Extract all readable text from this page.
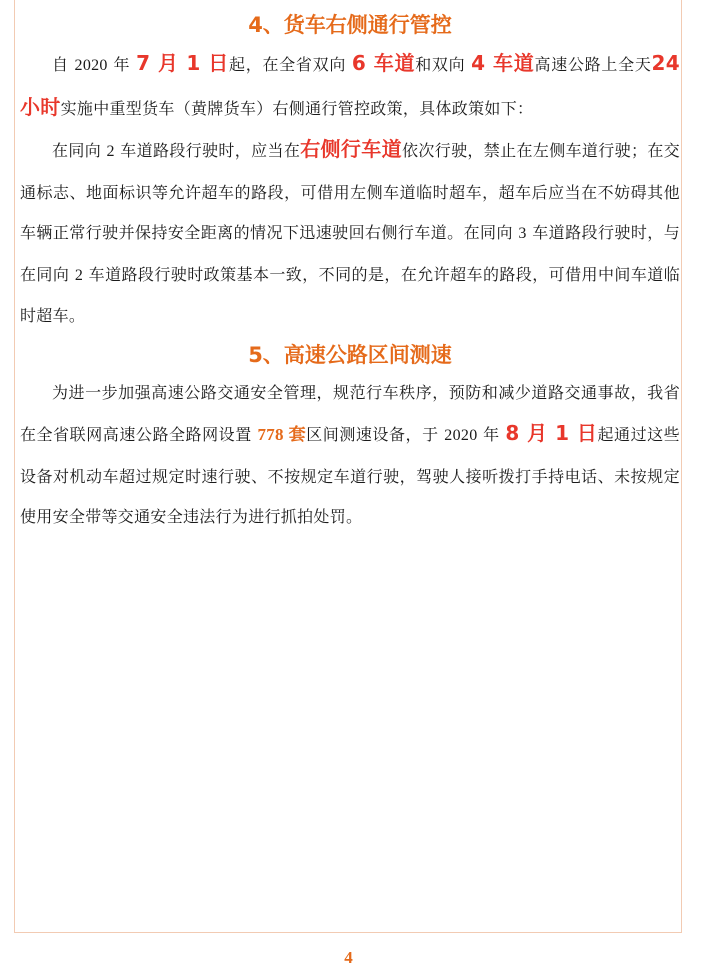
4、货车右侧通行管控

自 2020 年 7 月 1 日起，在全省双向 6 车道和双向 4 车道高速公路上全天24 小时实施中重型货车（黄牌货车）右侧通行管控政策，具体政策如下：

在同向 2 车道路段行驶时，应当在右侧行车道依次行驶，禁止在左侧车道行驶；在交通标志、地面标识等允许超车的路段，可借用左侧车道临时超车，超车后应当在不妨碍其他车辆正常行驶并保持安全距离的情况下迅速驶回右侧行车道。在同向 3 车道路段行驶时，与在同向 2 车道路段行驶时政策基本一致，不同的是，在允许超车的路段，可借用中间车道临时超车。

5、高速公路区间测速

为进一步加强高速公路交通安全管理，规范行车秩序，预防和减少道路交通事故，我省在全省联网高速公路全路网设置 778 套区间测速设备，于 2020 年 8 月 1 日起通过这些设备对机动车超过规定时速行驶、不按规定车道行驶，驾驶人接听拨打手持电话、未按规定使用安全带等交通安全违法行为进行抓拍处罚。

4
